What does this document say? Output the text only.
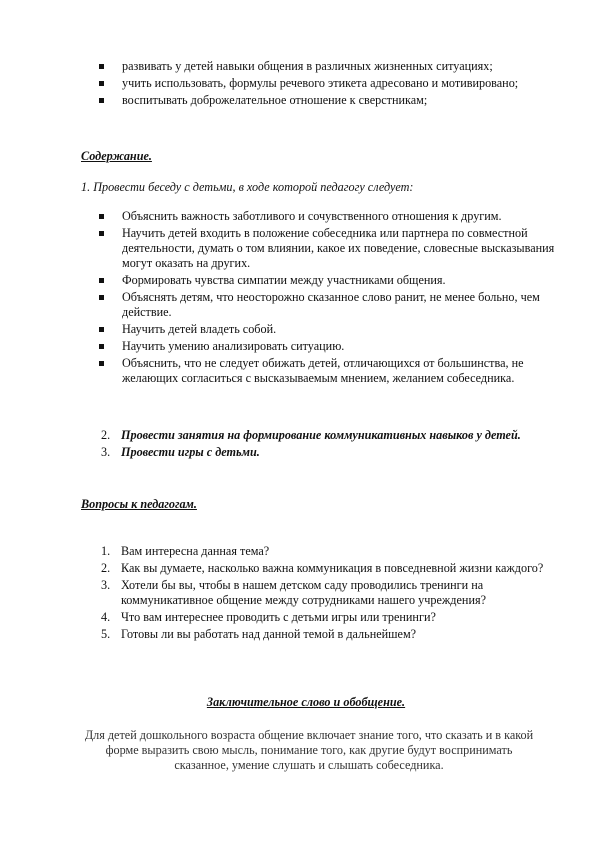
развивать у детей навыки общения в различных жизненных ситуациях;
учить использовать, формулы речевого этикета адресовано и мотивировано;
воспитывать доброжелательное отношение к сверстникам;
Содержание.
1. Провести беседу с детьми, в ходе которой педагогу следует:
Объяснить важность заботливого и сочувственного отношения к другим.
Научить детей входить в положение собеседника или партнера по совместной деятельности, думать о том влиянии, какое их поведение, словесные высказывания могут оказать на других.
Формировать чувства симпатии между участниками общения.
Объяснять детям, что неосторожно сказанное слово ранит, не менее больно, чем действие.
Научить детей владеть собой.
Научить умению анализировать ситуацию.
Объяснить, что не следует обижать детей, отличающихся от большинства, не желающих согласиться с высказываемым мнением, желанием собеседника.
2. Провести занятия на формирование коммуникативных навыков у детей.
3. Провести игры с детьми.
Вопросы к педагогам.
1. Вам интересна данная тема?
2. Как вы думаете, насколько важна коммуникация в повседневной жизни каждого?
3. Хотели бы вы, чтобы в нашем детском саду проводились тренинги на коммуникативное общение между сотрудниками нашего учреждения?
4. Что вам интереснее проводить с детьми игры или тренинги?
5. Готовы ли вы работать над данной темой в дальнейшем?
Заключительное слово и обобщение.

Для детей дошкольного возраста общение включает знание того, что сказать и в какой форме выразить свою мысль, понимание того, как другие будут воспринимать сказанное, умение слушать и слышать собеседника.
